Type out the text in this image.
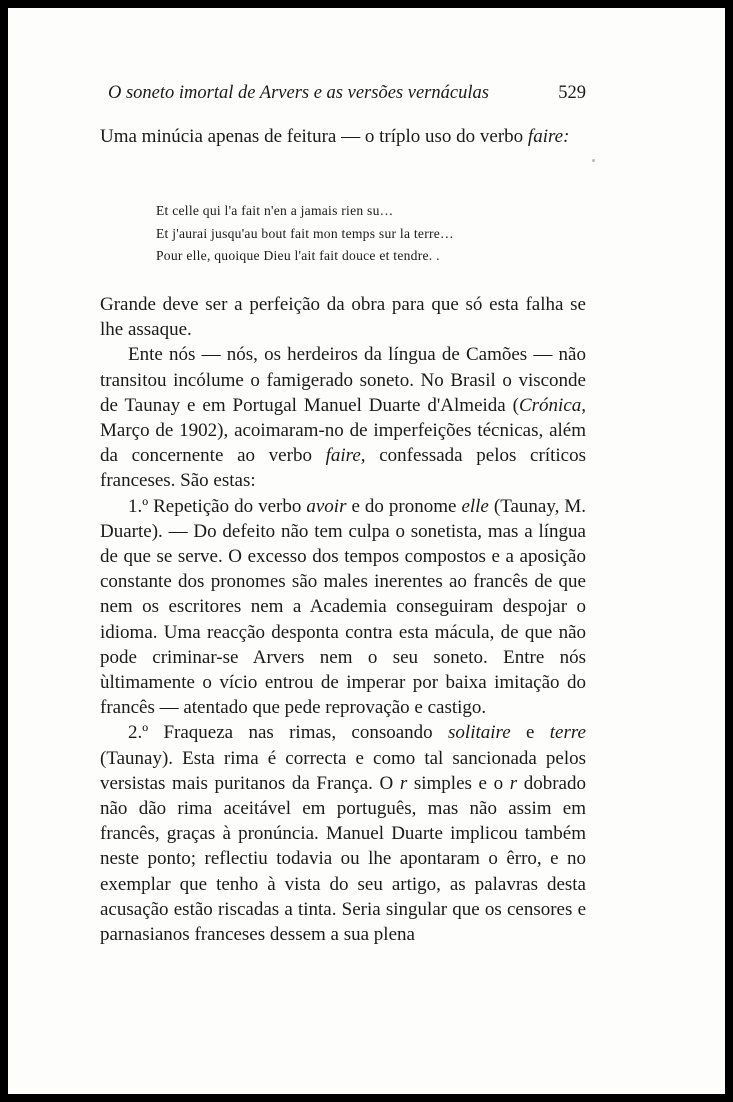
O soneto imortal de Arvers e as versões vernáculas	529

Uma minúcia apenas de feitura — o tríplo uso do verbo faire:

Et celle qui l'a fait n'en a jamais rien su…
Et j'aurai jusqu'au bout fait mon temps sur la terre…
Pour elle, quoique Dieu l'ait fait douce et tendre. .

Grande deve ser a perfeição da obra para que só esta falha se lhe assaque.

Ente nós — nós, os herdeiros da língua de Camões — não transitou incólume o famigerado soneto. No Brasil o visconde de Taunay e em Portugal Manuel Duarte d'Almeida (Crónica, Março de 1902), acoimaram-no de imperfeições técnicas, além da concernente ao verbo faire, confessada pelos críticos franceses. São estas:

1.º Repetição do verbo avoir e do pronome elle (Taunay, M. Duarte). — Do defeito não tem culpa o sonetista, mas a língua de que se serve. O excesso dos tempos compostos e a aposição constante dos pronomes são males inerentes ao francês de que nem os escritores nem a Academia conseguiram despojar o idioma. Uma reacção desponta contra esta mácula, de que não pode criminar-se Arvers nem o seu soneto. Entre nós ùltimamente o vício entrou de imperar por baixa imitação do francês — atentado que pede reprovação e castigo.

2.º Fraqueza nas rimas, consoando solitaire e terre (Taunay). Esta rima é correcta e como tal sancionada pelos versistas mais puritanos da França. O r simples e o r dobrado não dão rima aceitável em português, mas não assim em francês, graças à pronúncia. Manuel Duarte implicou também neste ponto; reflectiu todavia ou lhe apontaram o êrro, e no exemplar que tenho à vista do seu artigo, as palavras desta acusação estão riscadas a tinta. Seria singular que os censores e parnasianos franceses dessem a sua plena
